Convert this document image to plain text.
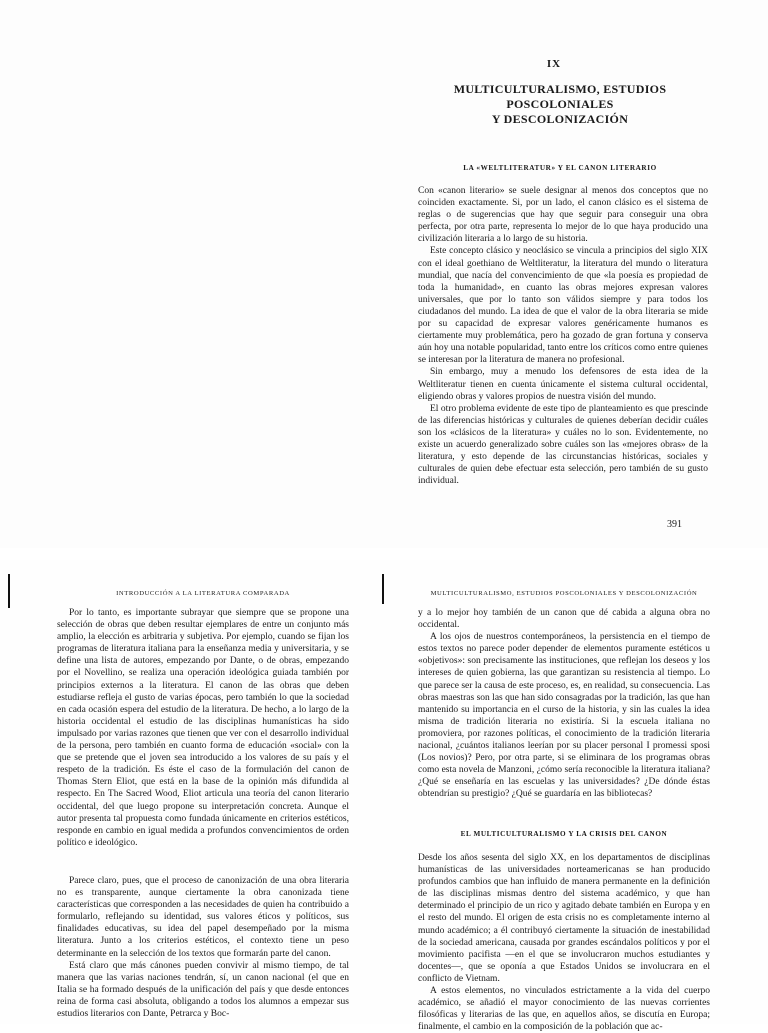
IX
MULTICULTURALISMO, ESTUDIOS POSCOLONIALES
Y DESCOLONIZACIÓN
LA «WELTLITERATUR» Y EL CANON LITERARIO

Con «canon literario» se suele designar al menos dos conceptos que no coinciden exactamente. Si, por un lado, el canon clásico es el sistema de reglas o de sugerencias que hay que seguir para conseguir una obra perfecta, por otra parte, representa lo mejor de lo que haya producido una civilización literaria a lo largo de su historia.

Este concepto clásico y neoclásico se vincula a principios del siglo XIX con el ideal goethiano de Weltliteratur, la literatura del mundo o literatura mundial, que nacía del convencimiento de que «la poesía es propiedad de toda la humanidad», en cuanto las obras mejores expresan valores universales, que por lo tanto son válidos siempre y para todos los ciudadanos del mundo. La idea de que el valor de la obra literaria se mide por su capacidad de expresar valores genéricamente humanos es ciertamente muy problemática, pero ha gozado de gran fortuna y conserva aún hoy una notable popularidad, tanto entre los críticos como entre quienes se interesan por la literatura de manera no profesional.

Sin embargo, muy a menudo los defensores de esta idea de la Weltliteratur tienen en cuenta únicamente el sistema cultural occidental, eligiendo obras y valores propios de nuestra visión del mundo.

El otro problema evidente de este tipo de planteamiento es que prescinde de las diferencias históricas y culturales de quienes deberían decidir cuáles son los «clásicos de la literatura» y cuáles no lo son. Evidentemente, no existe un acuerdo generalizado sobre cuáles son las «mejores obras» de la literatura, y esto depende de las circunstancias históricas, sociales y culturales de quien debe efectuar esta selección, pero también de su gusto individual.

391
INTRODUCCIÓN A LA LITERATURA COMPARADA

Por lo tanto, es importante subrayar que siempre que se propone una selección de obras que deben resultar ejemplares de entre un conjunto más amplio, la elección es arbitraria y subjetiva. Por ejemplo, cuando se fijan los programas de literatura italiana para la enseñanza media y universitaria, y se define una lista de autores, empezando por Dante, o de obras, empezando por el Novellino, se realiza una operación ideológica guiada también por principios externos a la literatura. El canon de las obras que deben estudiarse refleja el gusto de varias épocas, pero también lo que la sociedad en cada ocasión espera del estudio de la literatura. De hecho, a lo largo de la historia occidental el estudio de las disciplinas humanísticas ha sido impulsado por varias razones que tienen que ver con el desarrollo individual de la persona, pero también en cuanto forma de educación «social» con la que se pretende que el joven sea introducido a los valores de su país y el respeto de la tradición. Es éste el caso de la formulación del canon de Thomas Stern Eliot, que está en la base de la opinión más difundida al respecto. En The Sacred Wood, Eliot articula una teoría del canon literario occidental, del que luego propone su interpretación concreta. Aunque el autor presenta tal propuesta como fundada únicamente en criterios estéticos, responde en cambio en igual medida a profundos convencimientos de orden político e ideológico.

Parece claro, pues, que el proceso de canonización de una obra literaria no es transparente, aunque ciertamente la obra canonizada tiene características que corresponden a las necesidades de quien ha contribuido a formularlo, reflejando su identidad, sus valores éticos y políticos, sus finalidades educativas, su idea del papel desempeñado por la misma literatura. Junto a los criterios estéticos, el contexto tiene un peso determinante en la selección de los textos que formarán parte del canon.

Está claro que más cánones pueden convivir al mismo tiempo, de tal manera que las varias naciones tendrán, sí, un canon nacional (el que en Italia se ha formado después de la unificación del país y que desde entonces reina de forma casi absoluta, obligando a todos los alumnos a empezar sus estudios literarios con Dante, Petrarca y Boc-

MULTICULTURALISMO, ESTUDIOS POSCOLONIALES Y DESCOLONIZACIÓN

y a lo mejor hoy también de un canon que dé cabida a alguna obra no occidental.

A los ojos de nuestros contemporáneos, la persistencia en el tiempo de estos textos no parece poder depender de elementos puramente estéticos u «objetivos»: son precisamente las instituciones, que reflejan los deseos y los intereses de quien gobierna, las que garantizan su resistencia al tiempo. Lo que parece ser la causa de este proceso, es, en realidad, su consecuencia. Las obras maestras son las que han sido consagradas por la tradición, las que han mantenido su importancia en el curso de la historia, y sin las cuales la idea misma de tradición literaria no existiría. Si la escuela italiana no promoviera, por razones políticas, el conocimiento de la tradición literaria nacional, ¿cuántos italianos leerían por su placer personal I promessi sposi (Los novios)? Pero, por otra parte, si se eliminara de los programas obras como esta novela de Manzoni, ¿cómo sería reconocible la literatura italiana? ¿Qué se enseñaría en las escuelas y las universidades? ¿De dónde éstas obtendrían su prestigio? ¿Qué se guardaría en las bibliotecas?

EL MULTICULTURALISMO Y LA CRISIS DEL CANON

Desde los años sesenta del siglo XX, en los departamentos de disciplinas humanísticas de las universidades norteamericanas se han producido profundos cambios que han influido de manera permanente en la definición de las disciplinas mismas dentro del sistema académico, y que han determinado el principio de un rico y agitado debate también en Europa y en el resto del mundo. El origen de esta crisis no es completamente interno al mundo académico; a él contribuyó ciertamente la situación de inestabilidad de la sociedad americana, causada por grandes escándalos políticos y por el movimiento pacifista —en el que se involucraron muchos estudiantes y docentes—, que se oponía a que Estados Unidos se involucrara en el conflicto de Vietnam.

A estos elementos, no vinculados estrictamente a la vida del cuerpo académico, se añadió el mayor conocimiento de las nuevas corrientes filosóficas y literarias de las que, en aquellos años, se discutía en Europa; finalmente, el cambio en la composición de la población que ac-
